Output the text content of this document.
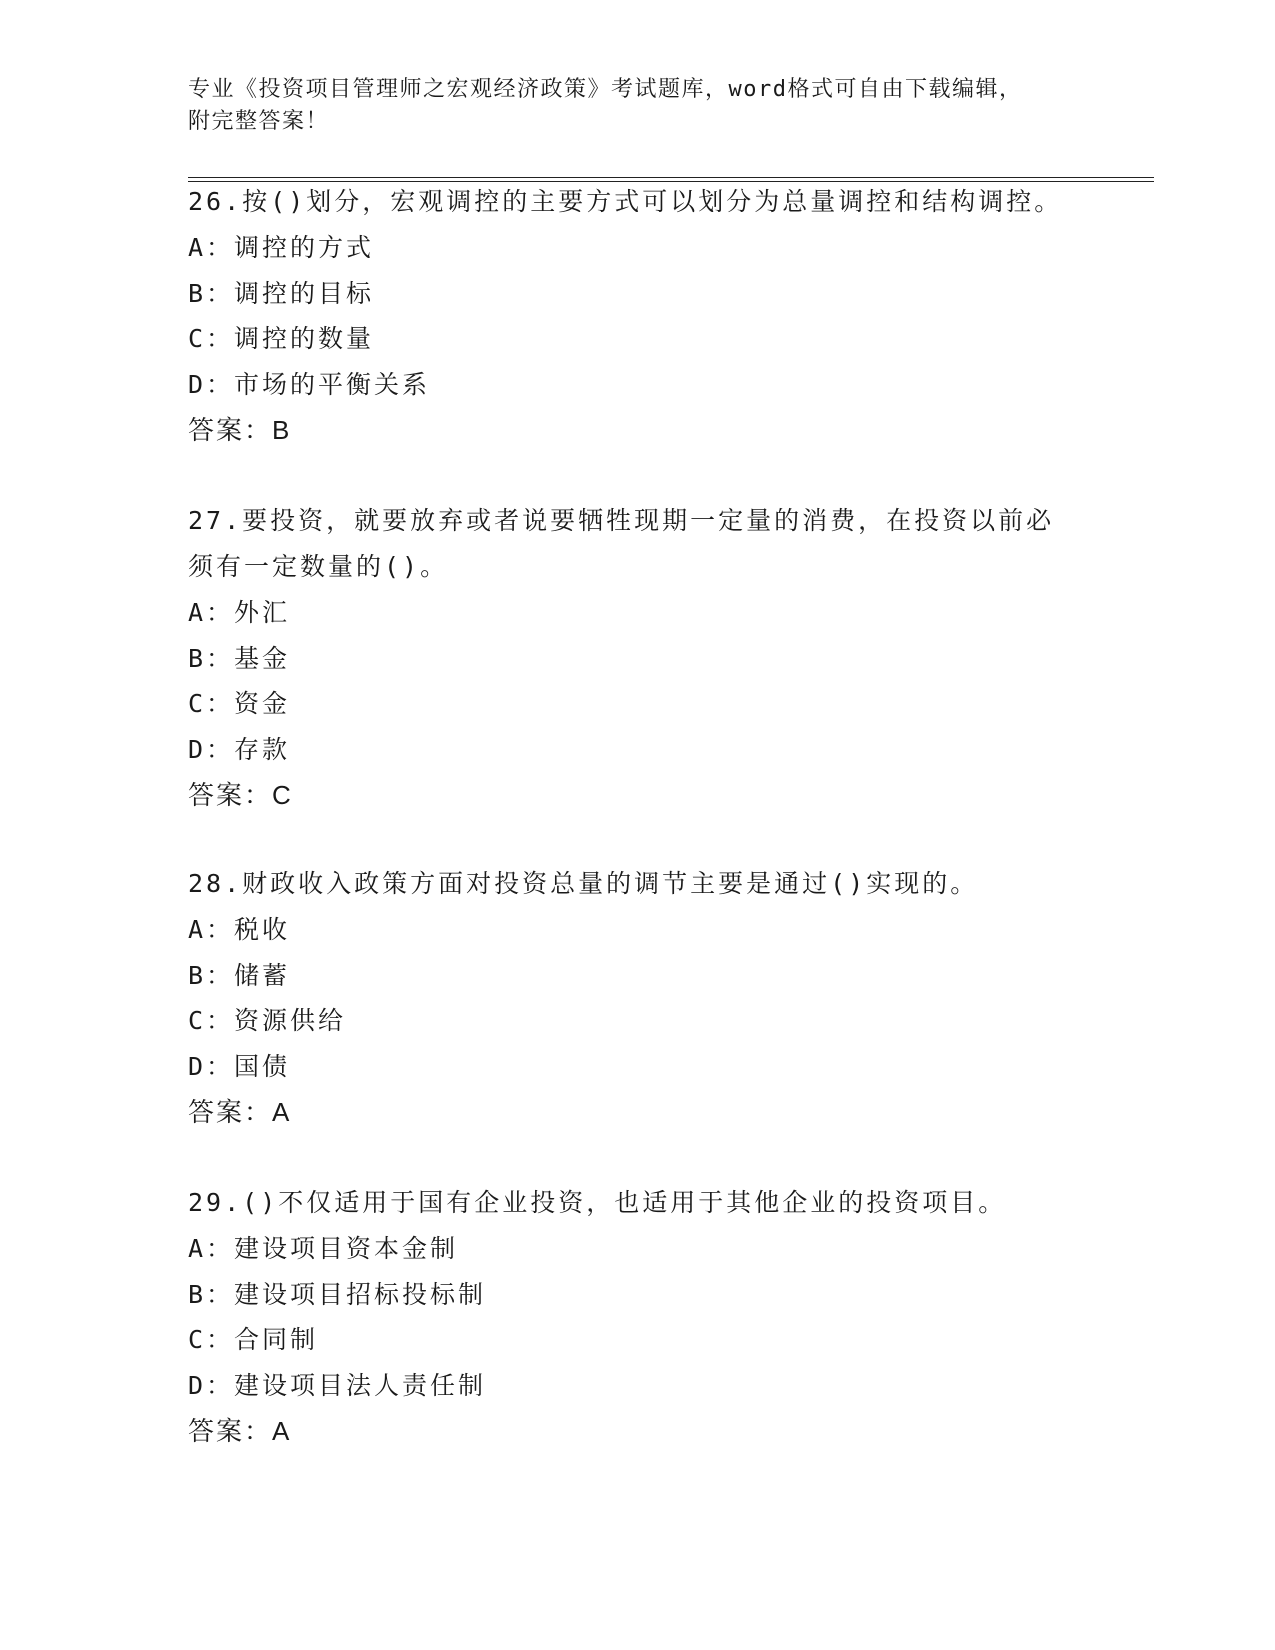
专业《投资项目管理师之宏观经济政策》考试题库，word格式可自由下载编辑，
附完整答案！

26.按()划分，宏观调控的主要方式可以划分为总量调控和结构调控。

A：调控的方式

B：调控的目标

C：调控的数量

D：市场的平衡关系

答案：B

27.要投资，就要放弃或者说要牺牲现期一定量的消费，在投资以前必

须有一定数量的()。

A：外汇

B：基金

C：资金

D：存款

答案：C

28.财政收入政策方面对投资总量的调节主要是通过()实现的。

A：税收

B：储蓄

C：资源供给

D：国债

答案：A

29.()不仅适用于国有企业投资，也适用于其他企业的投资项目。

A：建设项目资本金制

B：建设项目招标投标制

C：合同制

D：建设项目法人责任制

答案：A
